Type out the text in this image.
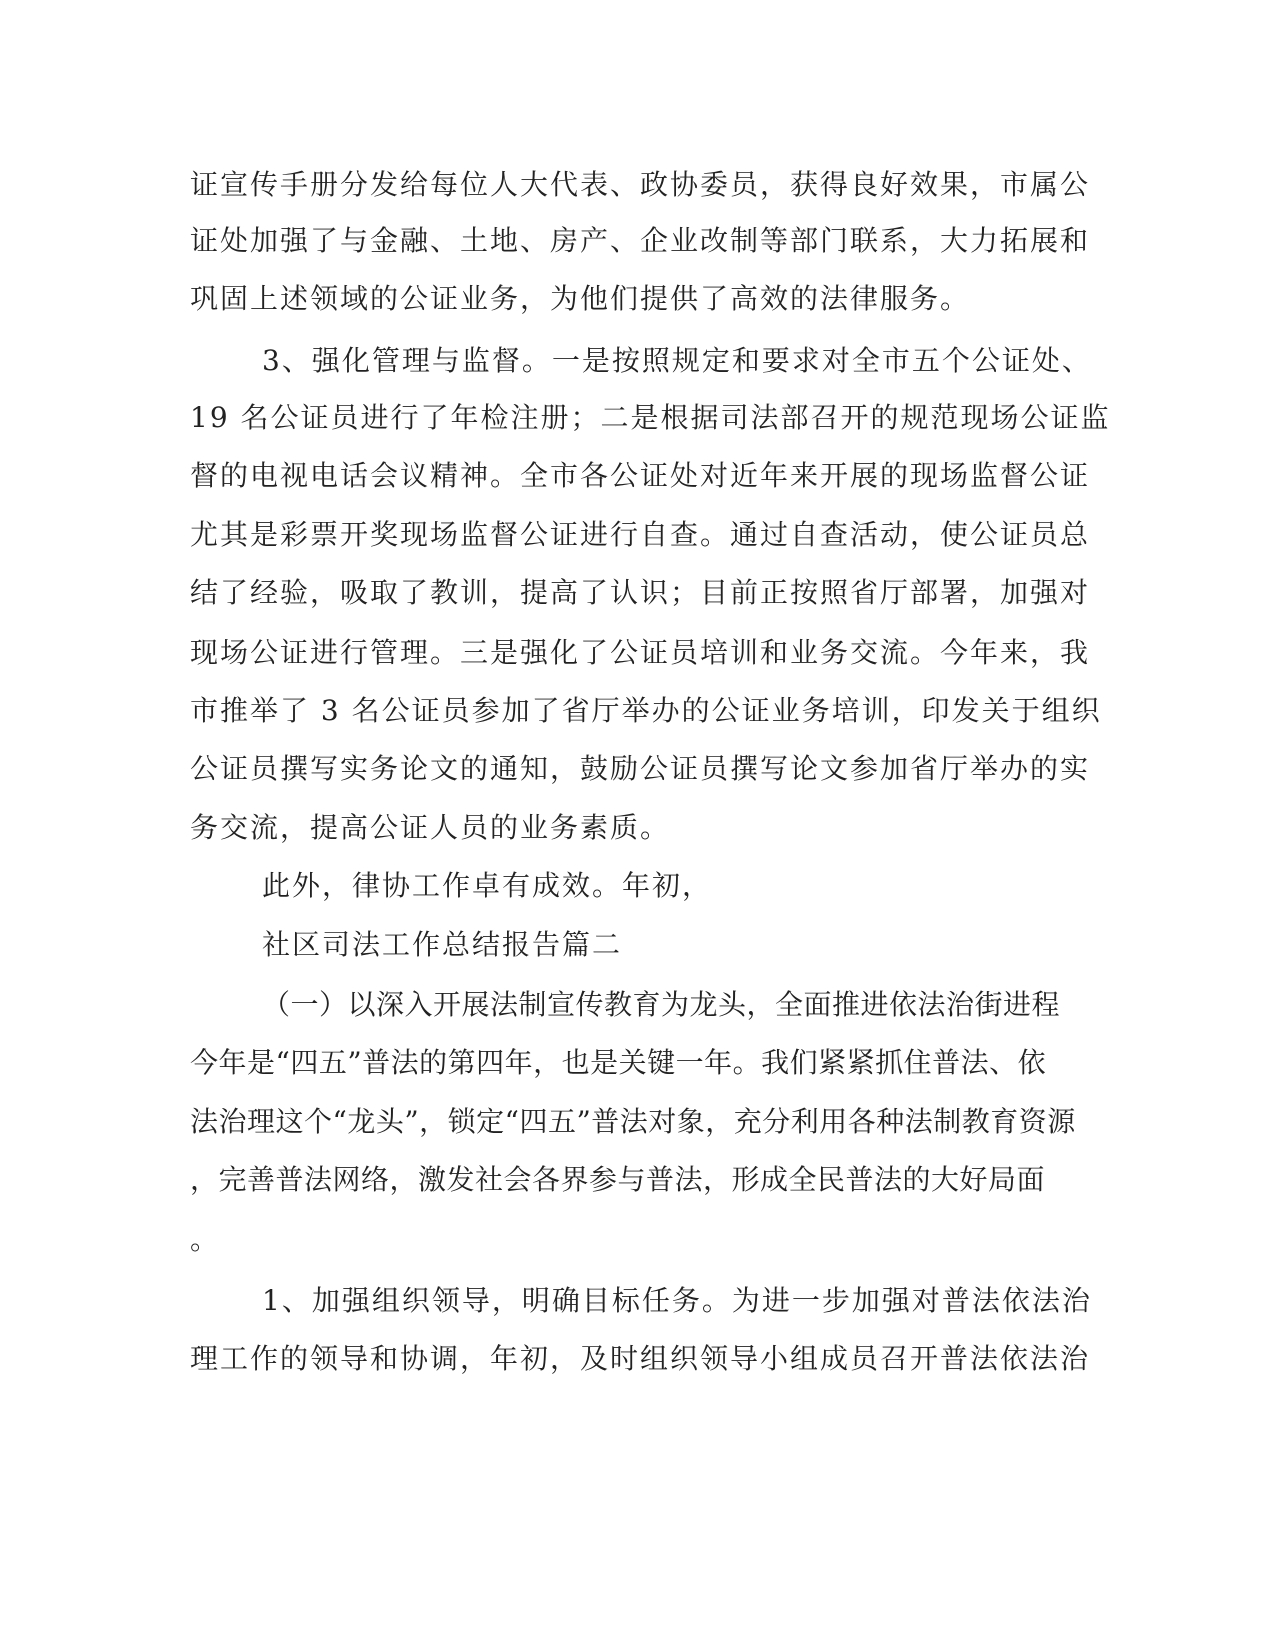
证宣传手册分发给每位人大代表、政协委员，获得良好效果，市属公
证处加强了与金融、土地、房产、企业改制等部门联系，大力拓展和
巩固上述领域的公证业务，为他们提供了高效的法律服务。
3、强化管理与监督。一是按照规定和要求对全市五个公证处、
19 名公证员进行了年检注册；二是根据司法部召开的规范现场公证监
督的电视电话会议精神。全市各公证处对近年来开展的现场监督公证
尤其是彩票开奖现场监督公证进行自查。通过自查活动，使公证员总
结了经验，吸取了教训，提高了认识；目前正按照省厅部署，加强对
现场公证进行管理。三是强化了公证员培训和业务交流。今年来，我
市推举了 3 名公证员参加了省厅举办的公证业务培训，印发关于组织
公证员撰写实务论文的通知，鼓励公证员撰写论文参加省厅举办的实
务交流，提高公证人员的业务素质。
此外，律协工作卓有成效。年初，
社区司法工作总结报告篇二
（一）以深入开展法制宣传教育为龙头，全面推进依法治街进程
今年是“四五”普法的第四年，也是关键一年。我们紧紧抓住普法、依
法治理这个“龙头”，锁定“四五”普法对象，充分利用各种法制教育资源
，完善普法网络，激发社会各界参与普法，形成全民普法的大好局面
。
1、加强组织领导，明确目标任务。为进一步加强对普法依法治
理工作的领导和协调，年初，及时组织领导小组成员召开普法依法治
